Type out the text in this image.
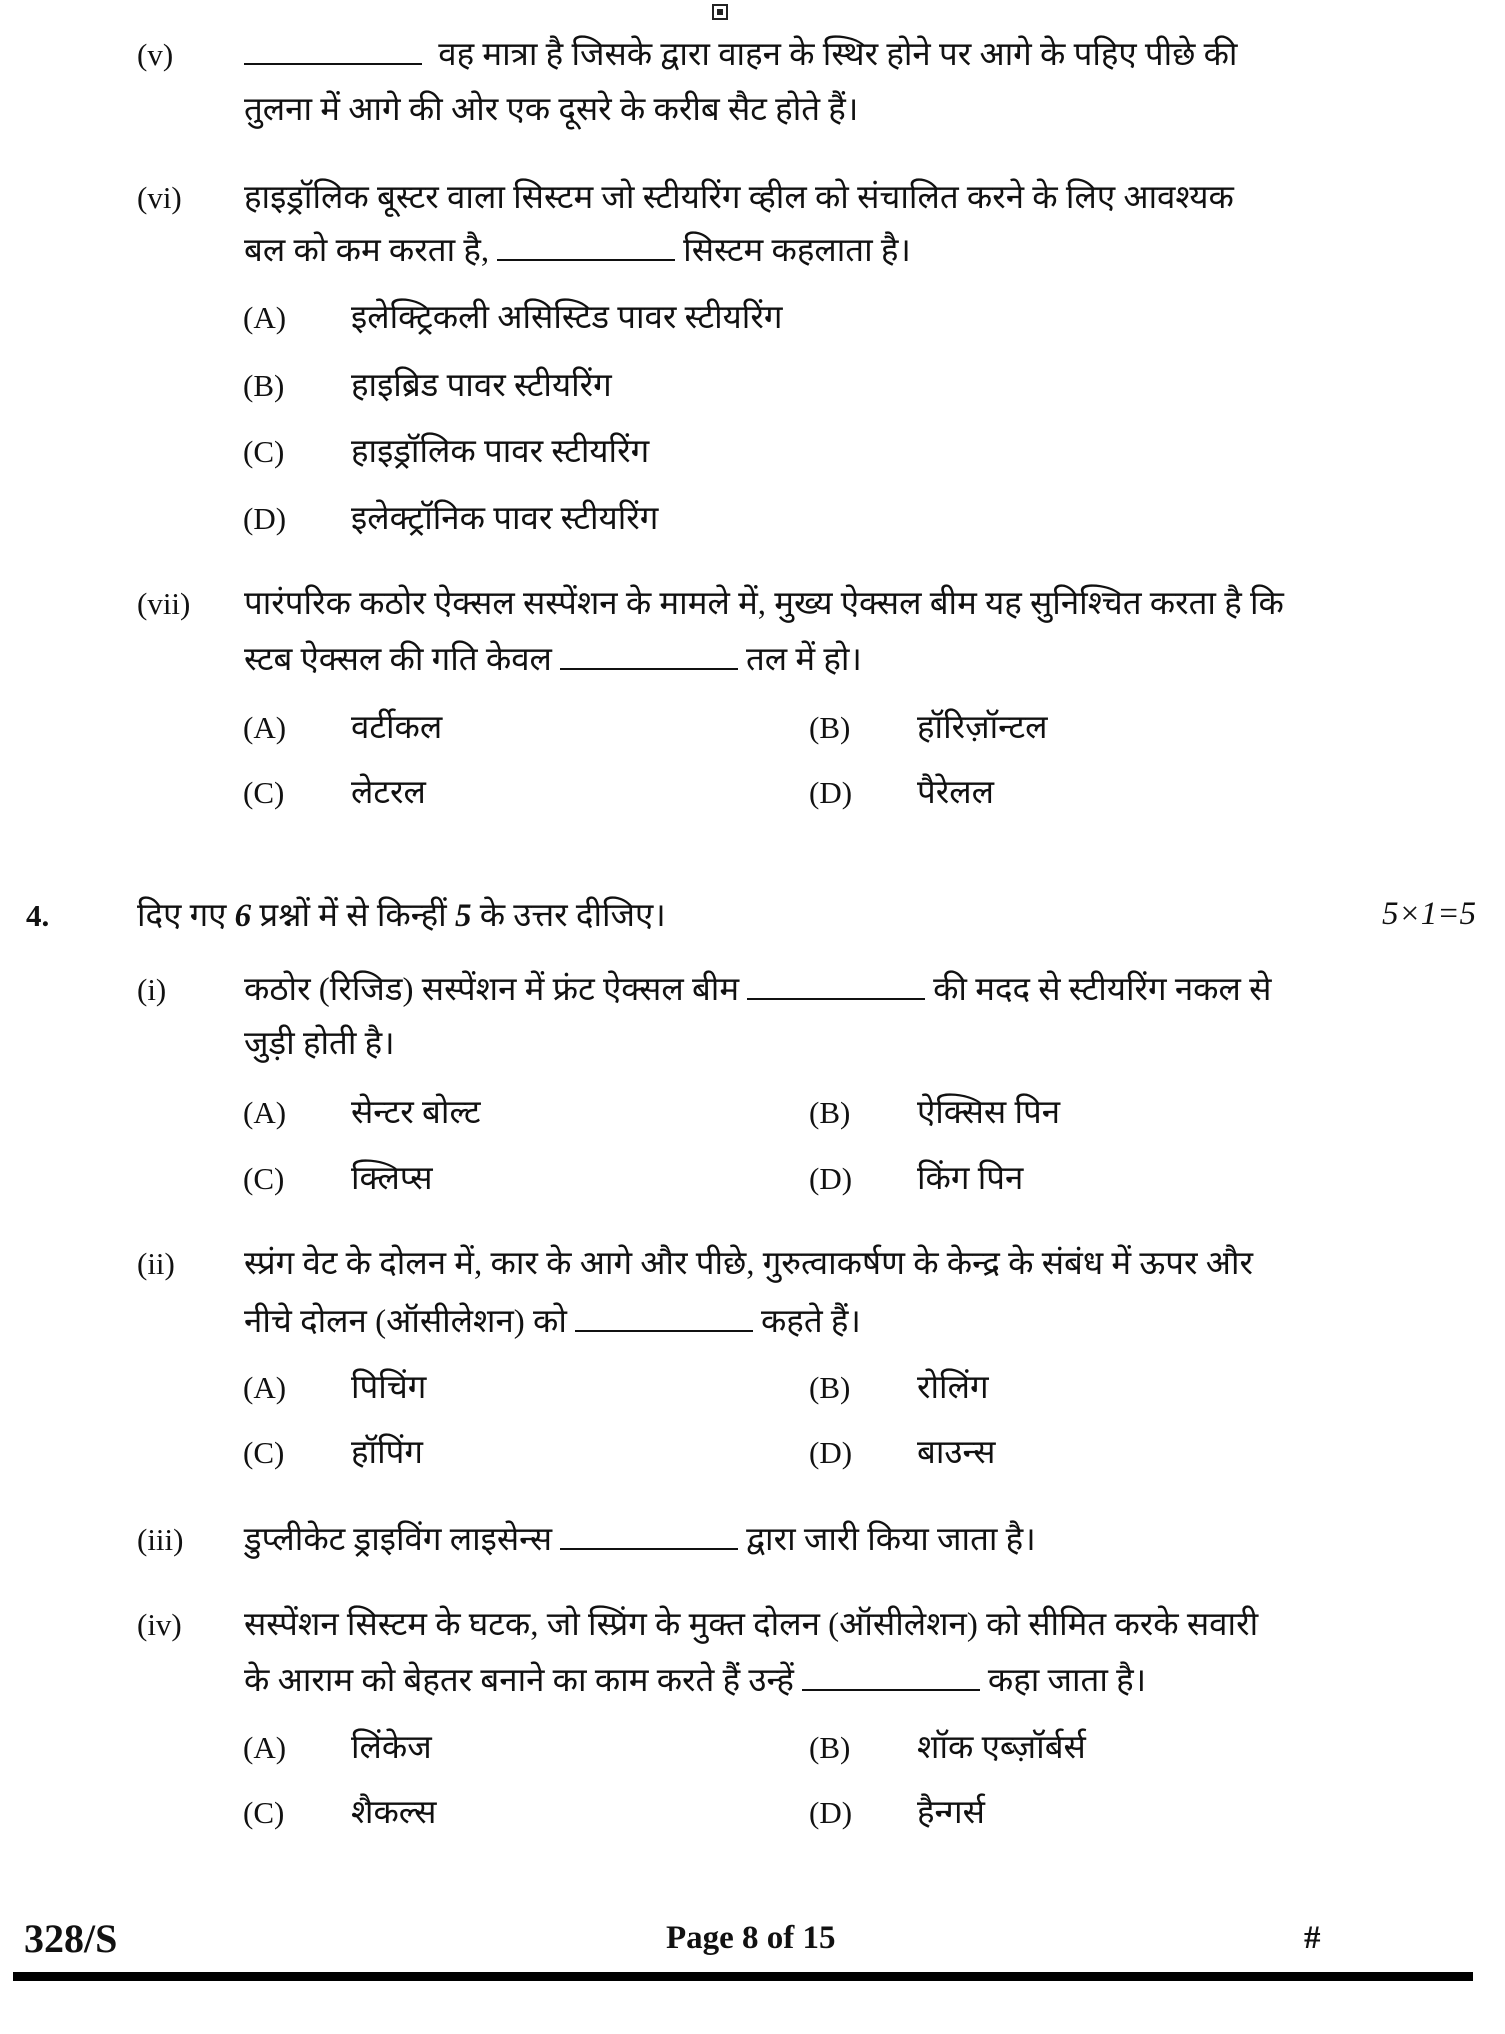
(v)	वह मात्रा है जिसके द्वारा वाहन के स्थिर होने पर आगे के पहिए पीछे की
तुलना में आगे की ओर एक दूसरे के करीब सैट होते हैं।
(vi) हाइड्रॉलिक बूस्टर वाला सिस्टम जो स्टीयरिंग व्हील को संचालित करने के लिए आवश्यक
बल को कम करता है,	सिस्टम कहलाता है।
(A) इलेक्ट्रिकली असिस्टिड पावर स्टीयरिंग
(B) हाइब्रिड पावर स्टीयरिंग
(C) हाइड्रॉलिक पावर स्टीयरिंग
(D) इलेक्ट्रॉनिक पावर स्टीयरिंग
(vii) पारंपरिक कठोर ऐक्सल सस्पेंशन के मामले में, मुख्य ऐक्सल बीम यह सुनिश्चित करता है कि
स्टब ऐक्सल की गति केवल	तल में हो।
(A) वर्टीकल	(B) हॉरिज़ॉन्टल
(C) लेटरल	(D) पैरेलल
4.	दिए गए 6 प्रश्नों में से किन्हीं 5 के उत्तर दीजिए।	5×1=5
(i) कठोर (रिजिड) सस्पेंशन में फ्रंट ऐक्सल बीम	की मदद से स्टीयरिंग नकल से
जुड़ी होती है।
(A) सेन्टर बोल्ट	(B) ऐक्सिस पिन
(C) क्लिप्स	(D) किंग पिन
(ii) स्प्रंग वेट के दोलन में, कार के आगे और पीछे, गुरुत्वाकर्षण के केन्द्र के संबंध में ऊपर और
नीचे दोलन (ऑसीलेशन) को	कहते हैं।
(A) पिचिंग	(B) रोलिंग
(C) हॉपिंग	(D) बाउन्स
(iii) डुप्लीकेट ड्राइविंग लाइसेन्स	द्वारा जारी किया जाता है।
(iv) सस्पेंशन सिस्टम के घटक, जो स्प्रिंग के मुक्त दोलन (ऑसीलेशन) को सीमित करके सवारी
के आराम को बेहतर बनाने का काम करते हैं उन्हें	कहा जाता है।
(A) लिंकेज	(B) शॉक एब्ज़ॉर्बर्स
(C) शैकल्स	(D) हैन्गर्स
328/S	Page 8 of 15	#
